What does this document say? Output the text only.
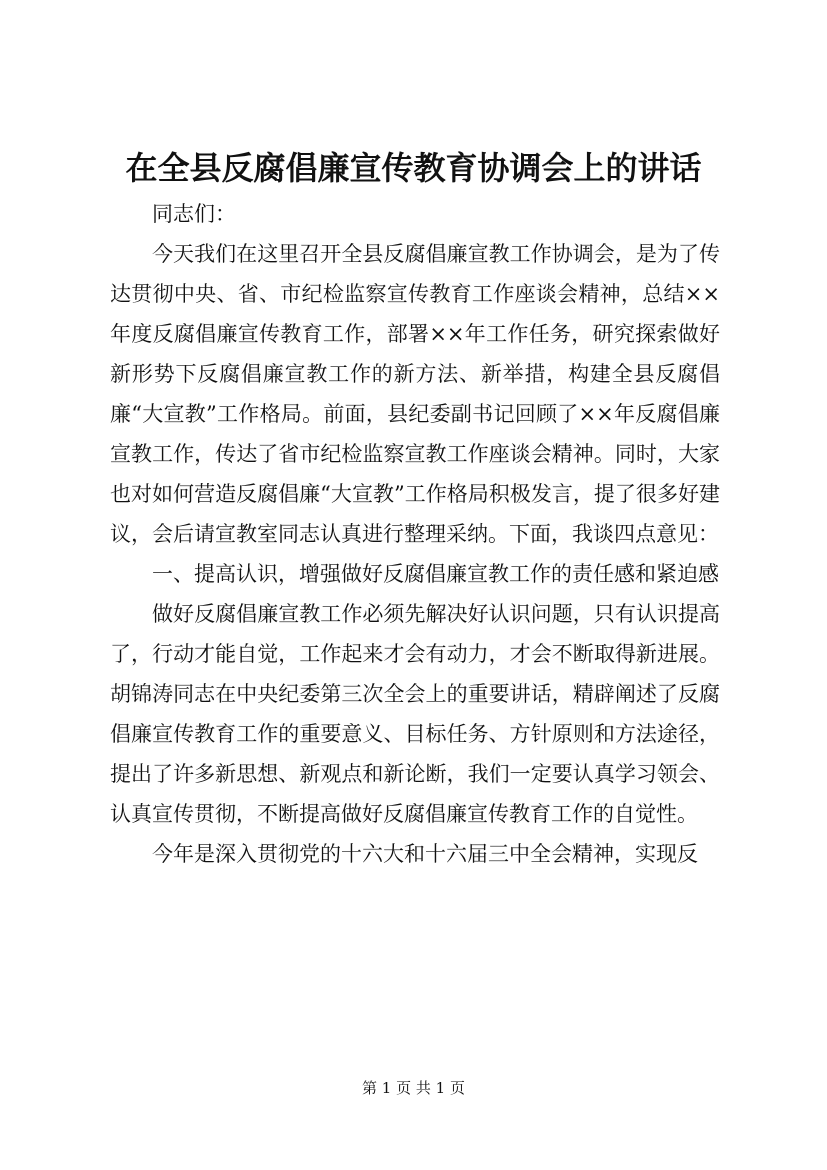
在全县反腐倡廉宣传教育协调会上的讲话

同志们：

今天我们在这里召开全县反腐倡廉宣教工作协调会，是为了传达贯彻中央、省、市纪检监察宣传教育工作座谈会精神，总结××年度反腐倡廉宣传教育工作，部署××年工作任务，研究探索做好新形势下反腐倡廉宣教工作的新方法、新举措，构建全县反腐倡廉“大宣教”工作格局。前面，县纪委副书记回顾了××年反腐倡廉宣教工作，传达了省市纪检监察宣教工作座谈会精神。同时，大家也对如何营造反腐倡廉“大宣教”工作格局积极发言，提了很多好建议，会后请宣教室同志认真进行整理采纳。下面，我谈四点意见：

一、提高认识，增强做好反腐倡廉宣教工作的责任感和紧迫感

做好反腐倡廉宣教工作必须先解决好认识问题，只有认识提高了，行动才能自觉，工作起来才会有动力，才会不断取得新进展。胡锦涛同志在中央纪委第三次全会上的重要讲话，精辟阐述了反腐倡廉宣传教育工作的重要意义、目标任务、方针原则和方法途径，提出了许多新思想、新观点和新论断，我们一定要认真学习领会、认真宣传贯彻，不断提高做好反腐倡廉宣传教育工作的自觉性。

今年是深入贯彻党的十六大和十六届三中全会精神，实现反

第 1 页 共 1 页
